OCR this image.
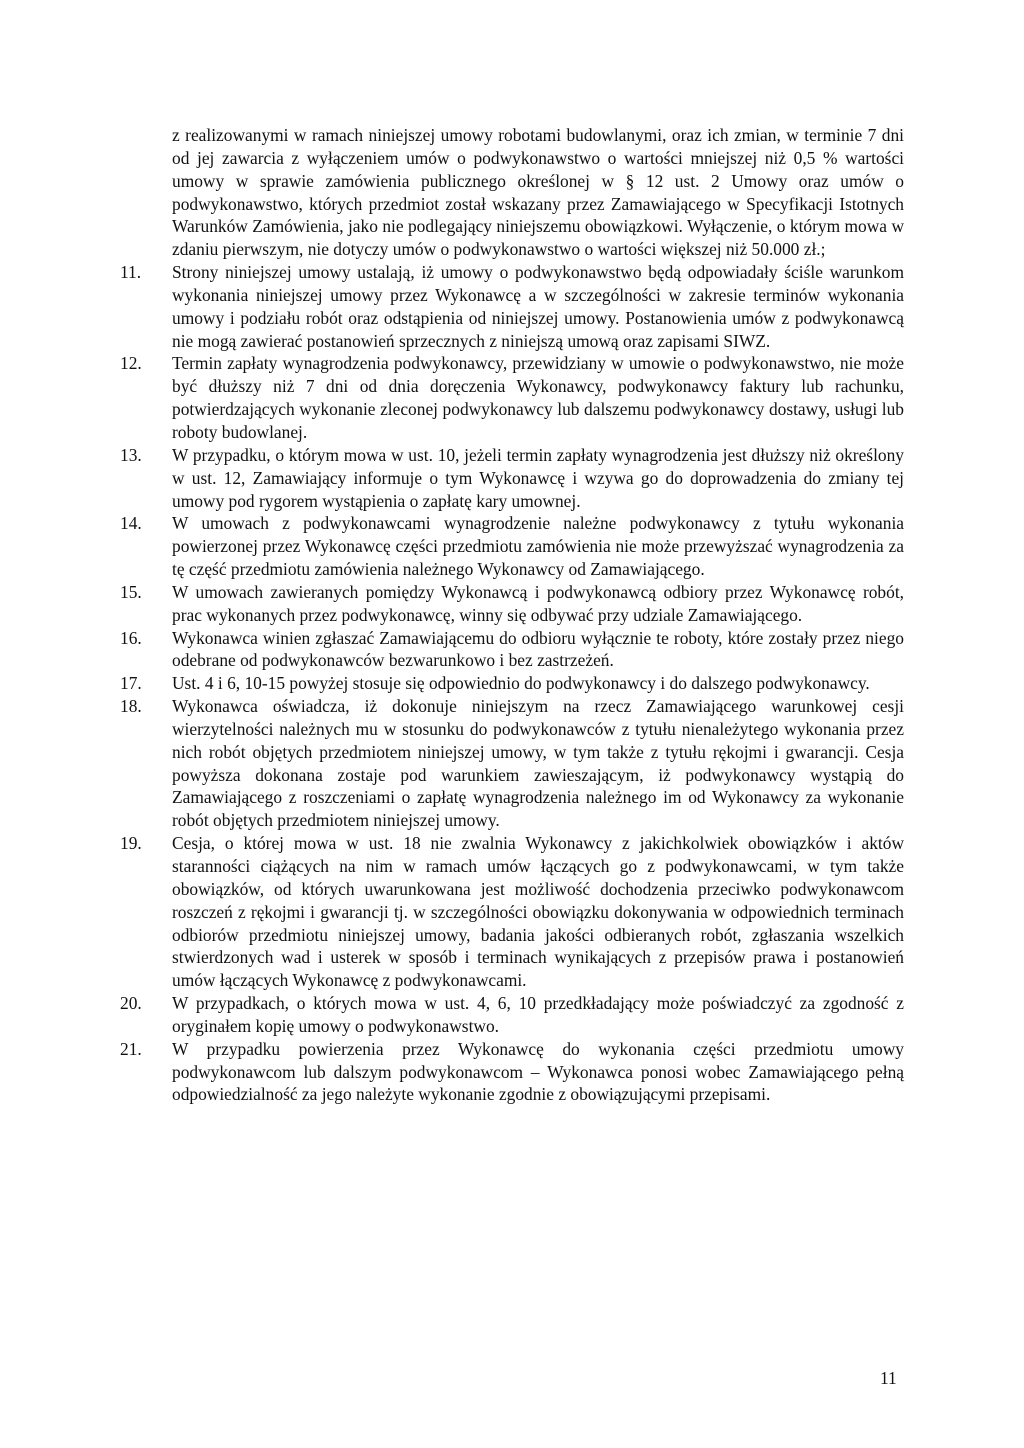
z realizowanymi w ramach niniejszej umowy robotami budowlanymi, oraz ich zmian, w terminie 7 dni od jej zawarcia z wyłączeniem umów o podwykonawstwo o wartości mniejszej niż 0,5 % wartości umowy w sprawie zamówienia publicznego określonej w § 12 ust. 2 Umowy oraz umów o podwykonawstwo, których przedmiot został wskazany przez Zamawiającego w Specyfikacji Istotnych Warunków Zamówienia, jako nie podlegający niniejszemu obowiązkowi. Wyłączenie, o którym mowa w zdaniu pierwszym, nie dotyczy umów o podwykonawstwo o wartości większej niż 50.000 zł.;
11. Strony niniejszej umowy ustalają, iż umowy o podwykonawstwo będą odpowiadały ściśle warunkom wykonania niniejszej umowy przez Wykonawcę a w szczególności w zakresie terminów wykonania umowy i podziału robót oraz odstąpienia od niniejszej umowy. Postanowienia umów z podwykonawcą nie mogą zawierać postanowień sprzecznych z niniejszą umową oraz zapisami SIWZ.
12. Termin zapłaty wynagrodzenia podwykonawcy, przewidziany w umowie o podwykonawstwo, nie może być dłuższy niż 7 dni od dnia doręczenia Wykonawcy, podwykonawcy faktury lub rachunku, potwierdzających wykonanie zleconej podwykonawcy lub dalszemu podwykonawcy dostawy, usługi lub roboty budowlanej.
13. W przypadku, o którym mowa w ust. 10, jeżeli termin zapłaty wynagrodzenia jest dłuższy niż określony w ust. 12, Zamawiający informuje o tym Wykonawcę i wzywa go do doprowadzenia do zmiany tej umowy pod rygorem wystąpienia o zapłatę kary umownej.
14. W umowach z podwykonawcami wynagrodzenie należne podwykonawcy z tytułu wykonania powierzonej przez Wykonawcę części przedmiotu zamówienia nie może przewyższać wynagrodzenia za tę część przedmiotu zamówienia należnego Wykonawcy od Zamawiającego.
15. W umowach zawieranych pomiędzy Wykonawcą i podwykonawcą odbiory przez Wykonawcę robót, prac wykonanych przez podwykonawcę, winny się odbywać przy udziale Zamawiającego.
16. Wykonawca winien zgłaszać Zamawiającemu do odbioru wyłącznie te roboty, które zostały przez niego odebrane od podwykonawców bezwarunkowo i bez zastrzeżeń.
17. Ust. 4 i 6, 10-15 powyżej stosuje się odpowiednio do podwykonawcy i do dalszego podwykonawcy.
18. Wykonawca oświadcza, iż dokonuje niniejszym na rzecz Zamawiającego warunkowej cesji wierzytelności należnych mu w stosunku do podwykonawców z tytułu nienależytego wykonania przez nich robót objętych przedmiotem niniejszej umowy, w tym także z tytułu rękojmi i gwarancji. Cesja powyższa dokonana zostaje pod warunkiem zawieszającym, iż podwykonawcy wystąpią do Zamawiającego z roszczeniami o zapłatę wynagrodzenia należnego im od Wykonawcy za wykonanie robót objętych przedmiotem niniejszej umowy.
19. Cesja, o której mowa w ust. 18 nie zwalnia Wykonawcy z jakichkolwiek obowiązków i aktów staranności ciążących na nim w ramach umów łączących go z podwykonawcami, w tym także obowiązków, od których uwarunkowana jest możliwość dochodzenia przeciwko podwykonawcom roszczeń z rękojmi i gwarancji tj. w szczególności obowiązku dokonywania w odpowiednich terminach odbiorów przedmiotu niniejszej umowy, badania jakości odbieranych robót, zgłaszania wszelkich stwierdzonych wad i usterek w sposób i terminach wynikających z przepisów prawa i postanowień umów łączących Wykonawcę z podwykonawcami.
20. W przypadkach, o których mowa w ust. 4, 6, 10 przedkładający może poświadczyć za zgodność z oryginałem kopię umowy o podwykonawstwo.
21. W przypadku powierzenia przez Wykonawcę do wykonania części przedmiotu umowy podwykonawcom lub dalszym podwykonawcom – Wykonawca ponosi wobec Zamawiającego pełną odpowiedzialność za jego należyte wykonanie zgodnie z obowiązującymi przepisami.
11
